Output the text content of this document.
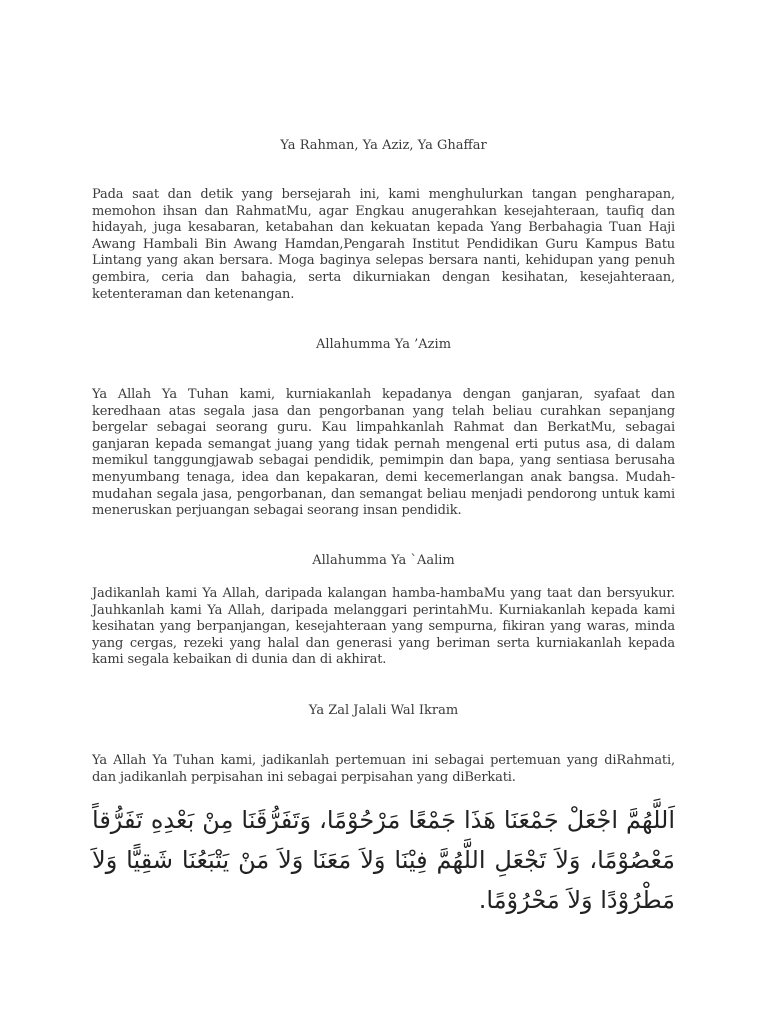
Ya Rahman, Ya Aziz, Ya Ghaffar
Pada saat dan detik yang bersejarah ini, kami menghulurkan tangan pengharapan, memohon ihsan dan RahmatMu, agar Engkau anugerahkan kesejahteraan, taufiq dan hidayah, juga kesabaran, ketabahan dan kekuatan kepada Yang Berbahagia Tuan Haji Awang Hambali Bin Awang Hamdan,Pengarah Institut Pendidikan Guru Kampus Batu Lintang yang akan bersara. Moga baginya selepas bersara nanti, kehidupan yang penuh gembira, ceria dan bahagia, serta dikurniakan dengan kesihatan, kesejahteraan, ketenteraman dan ketenangan.
Allahumma Ya ’Azim
Ya Allah Ya Tuhan kami, kurniakanlah kepadanya dengan ganjaran, syafaat dan keredhaan atas segala jasa dan pengorbanan yang telah beliau curahkan sepanjang bergelar sebagai seorang guru. Kau limpahkanlah Rahmat dan BerkatMu, sebagai ganjaran kepada semangat juang yang tidak pernah mengenal erti putus asa, di dalam memikul tanggungjawab sebagai pendidik, pemimpin dan bapa, yang sentiasa berusaha menyumbang tenaga, idea dan kepakaran, demi kecemerlangan anak bangsa. Mudah-mudahan segala jasa, pengorbanan, dan semangat beliau menjadi pendorong untuk kami meneruskan perjuangan sebagai seorang insan pendidik.
Allahumma Ya `Aalim
Jadikanlah kami Ya Allah, daripada kalangan hamba-hambaMu yang taat dan bersyukur. Jauhkanlah kami Ya Allah, daripada melanggari perintahMu. Kurniakanlah kepada kami kesihatan yang berpanjangan, kesejahteraan yang sempurna, fikiran yang waras, minda yang cergas, rezeki yang halal dan generasi yang beriman serta kurniakanlah kepada kami segala kebaikan di dunia dan di akhirat.
Ya Zal Jalali Wal Ikram
Ya Allah Ya Tuhan kami, jadikanlah pertemuan ini sebagai pertemuan yang diRahmati, dan jadikanlah perpisahan ini sebagai perpisahan yang diBerkati.
اَللَّهُمَّ اجْعَلْ جَمْعَنَا هَذَا جَمْعًا مَرْحُوْمًا، وَتَفَرُّقَنَا مِنْ بَعْدِهِ تَفَرُّقاً مَعْصُوْمًا، وَلاَ تَجْعَلِ اللَّهُمَّ فِيْنَا وَلاَ مَعَنَا وَلاَ مَنْ يَتْبَعُنَا شَقِيًّا وَلاَ مَطْرُوْدًا وَلاَ مَحْرُوْمًا.
